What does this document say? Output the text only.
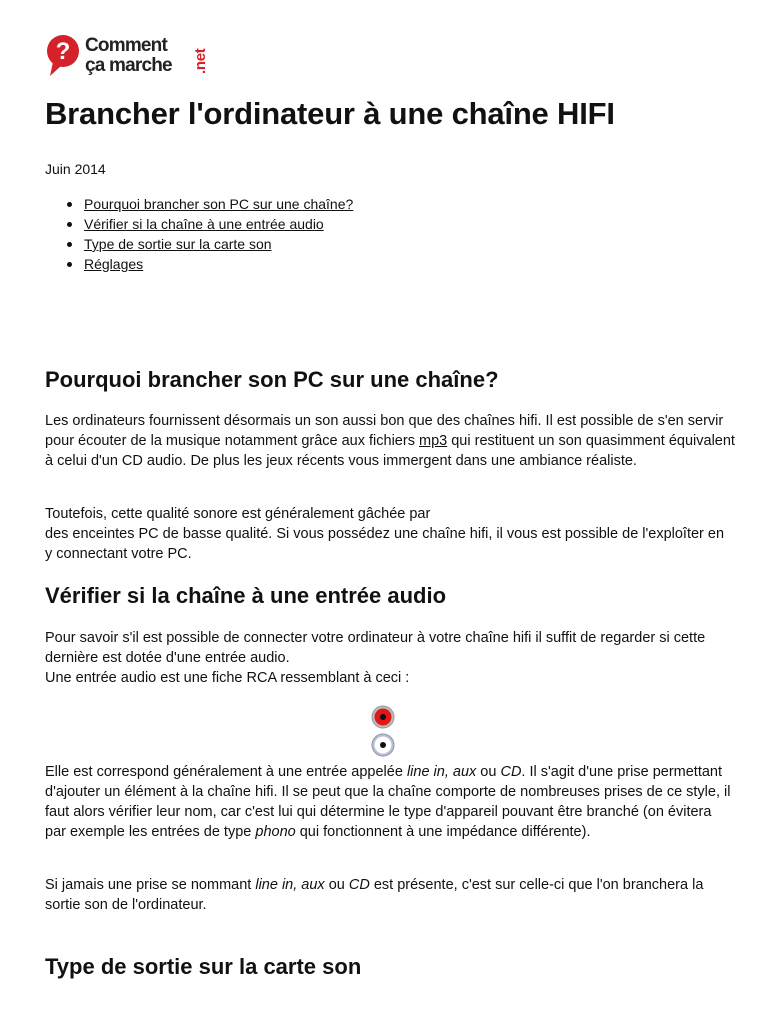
? Comment
ça marche .net
Brancher l'ordinateur à une chaîne HIFI
Juin 2014
Pourquoi brancher son PC sur une chaîne?
Vérifier si la chaîne à une entrée audio
Type de sortie sur la carte son
Réglages
Pourquoi brancher son PC sur une chaîne?

Les ordinateurs fournissent désormais un son aussi bon que des chaînes hifi. Il est possible de s'en servir pour écouter de la musique notamment grâce aux fichiers mp3 qui restituent un son quasimment équivalent à celui d'un CD audio. De plus les jeux récents vous immergent dans une ambiance réaliste.

Toutefois, cette qualité sonore est généralement gâchée par
des enceintes PC de basse qualité. Si vous possédez une chaîne hifi, il vous est possible de l'exploîter en y connectant votre PC.

Vérifier si la chaîne à une entrée audio

Pour savoir s'il est possible de connecter votre ordinateur à votre chaîne hifi il suffit de regarder si cette dernière est dotée d'une entrée audio.
Une entrée audio est une fiche RCA ressemblant à ceci :

Elle est correspond généralement à une entrée appelée line in, aux ou CD. Il s'agit d'une prise permettant d'ajouter un élément à la chaîne hifi. Il se peut que la chaîne comporte de nombreuses prises de ce style, il faut alors vérifier leur nom, car c'est lui qui détermine le type d'appareil pouvant être branché (on évitera par exemple les entrées de type phono qui fonctionnent à une impédance différente).

Si jamais une prise se nommant line in, aux ou CD est présente, c'est sur celle-ci que l'on branchera la sortie son de l'ordinateur.

Type de sortie sur la carte son
